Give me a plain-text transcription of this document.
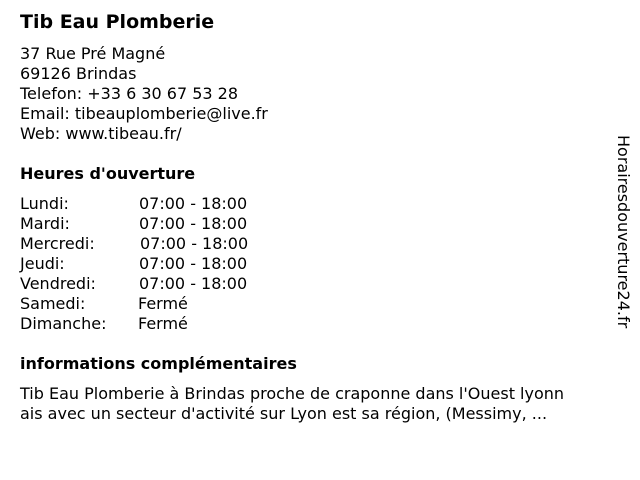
Tib Eau Plomberie
37 Rue Pré Magné
69126 Brindas
Telefon: +33 6 30 67 53 28
Email: tibeauplomberie@live.fr
Web: www.tibeau.fr/
Heures d'ouverture
Lundi:	07:00 - 18:00
Mardi:	07:00 - 18:00
Mercredi:	07:00 - 18:00
Jeudi:	07:00 - 18:00
Vendredi:	07:00 - 18:00
Samedi:	Fermé
Dimanche: Fermé
informations complémentaires
Tib Eau Plomberie à Brindas proche de craponne dans l'Ouest lyonn
ais avec un secteur d'activité sur Lyon est sa région, (Messimy, ...
Horairesdouverture24.fr
